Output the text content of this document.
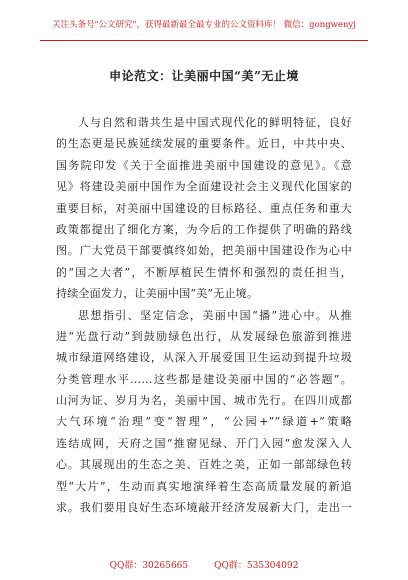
关注头条号"公文研究"，获得最新最全最专业的公文资料库！ 微信：gongwenyj
申论范文：让美丽中国“美”无止境
人与自然和谐共生是中国式现代化的鲜明特征，良好
的生态更是民族延续发展的重要条件。近日，中共中央、
国务院印发《关于全面推进美丽中国建设的意见》。《意
见》将建设美丽中国作为全面建设社会主义现代化国家的
重要目标，对美丽中国建设的目标路径、重点任务和重大
政策都提出了细化方案，为今后的工作提供了明确的路线
图。广大党员干部要慎终如始，把美丽中国建设作为心中
的“国之大者”，不断厚植民生情怀和强烈的责任担当，
持续全面发力，让美丽中国“美”无止境。
思想指引、坚定信念，美丽中国“播”进心中。从推
进“光盘行动”到鼓励绿色出行，从发展绿色旅游到推进
城市绿道网络建设，从深入开展爱国卫生运动到提升垃圾
分类管理水平……这些都是建设美丽中国的“必答题”。
山河为证、岁月为名，美丽中国、城市先行。在四川成都
大气环境“治理”变“智理”，“公园+”“绿道+”策略
连结成网，天府之国“推窗见绿、开门入园”愈发深入人
心。其展现出的生态之美、百姓之美，正如一部部绿色转
型“大片”，生动而真实地演绎着生态高质量发展的新追
求。我们要用良好生态环境敲开经济发展新大门，走出一
QQ群：30265665	QQ群：535304092
